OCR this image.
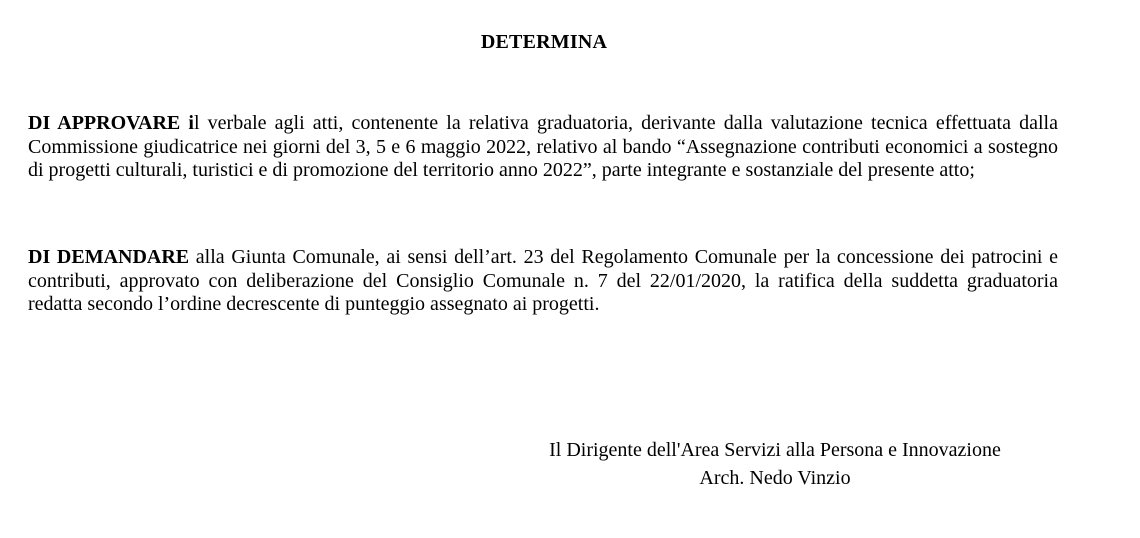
DETERMINA

DI APPROVARE il verbale agli atti, contenente la relativa graduatoria, derivante dalla valutazione tecnica effettuata dalla Commissione giudicatrice nei giorni del 3, 5 e 6 maggio 2022, relativo al bando “Assegnazione contributi economici a sostegno di progetti culturali, turistici e di promozione del territorio anno 2022”, parte integrante e sostanziale del presente atto;

DI DEMANDARE alla Giunta Comunale, ai sensi dell’art. 23 del Regolamento Comunale per la concessione dei patrocini e contributi, approvato con deliberazione del Consiglio Comunale n. 7 del 22/01/2020, la ratifica della suddetta graduatoria redatta secondo l’ordine decrescente di punteggio assegnato ai progetti.

Il Dirigente dell'Area Servizi alla Persona e Innovazione
Arch. Nedo Vinzio
